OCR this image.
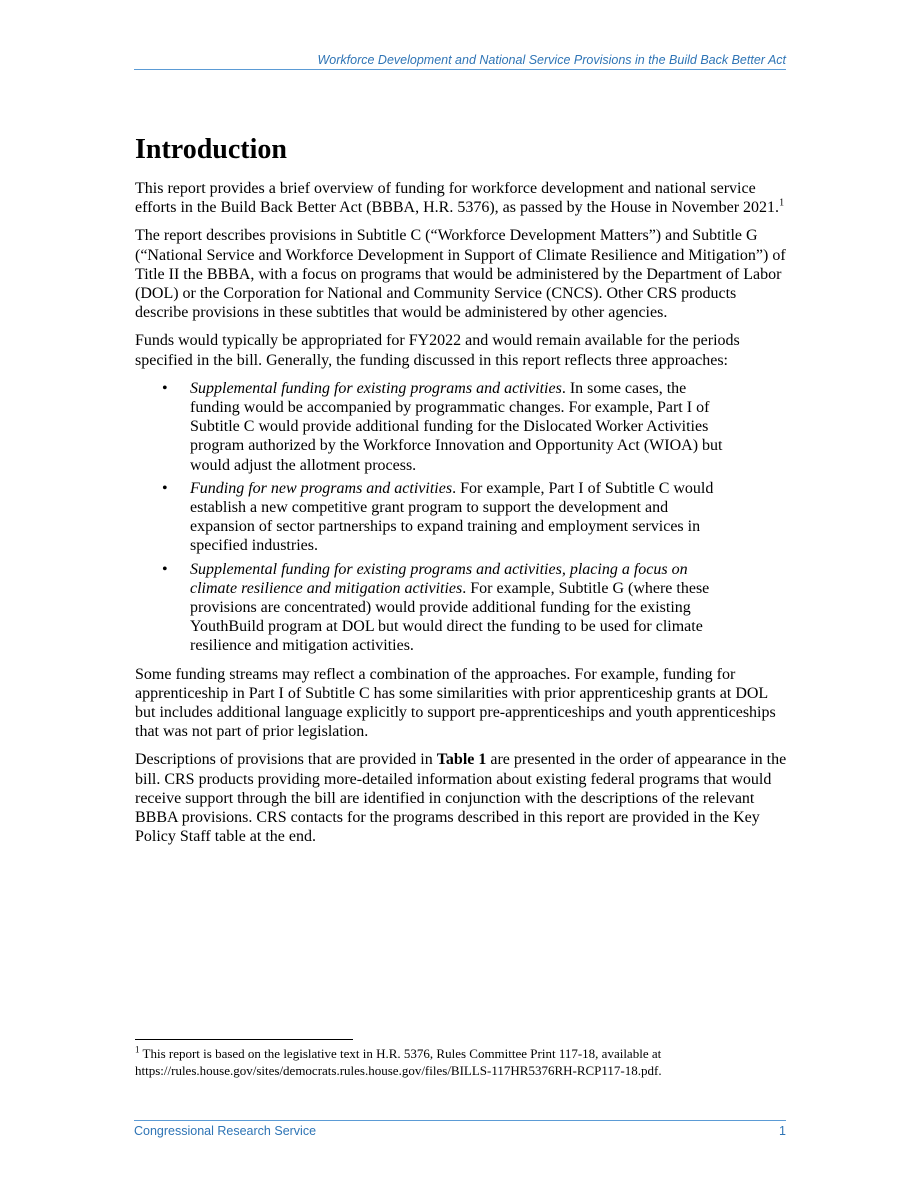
Workforce Development and National Service Provisions in the Build Back Better Act
Introduction

This report provides a brief overview of funding for workforce development and national service efforts in the Build Back Better Act (BBBA, H.R. 5376), as passed by the House in November 2021.$^1$

The report describes provisions in Subtitle C (“Workforce Development Matters”) and Subtitle G (“National Service and Workforce Development in Support of Climate Resilience and Mitigation”) of Title II the BBBA, with a focus on programs that would be administered by the Department of Labor (DOL) or the Corporation for National and Community Service (CNCS). Other CRS products describe provisions in these subtitles that would be administered by other agencies.

Funds would typically be appropriated for FY2022 and would remain available for the periods specified in the bill. Generally, the funding discussed in this report reflects three approaches:

• Supplemental funding for existing programs and activities. In some cases, the funding would be accompanied by programmatic changes. For example, Part I of Subtitle C would provide additional funding for the Dislocated Worker Activities program authorized by the Workforce Innovation and Opportunity Act (WIOA) but would adjust the allotment process.
• Funding for new programs and activities. For example, Part I of Subtitle C would establish a new competitive grant program to support the development and expansion of sector partnerships to expand training and employment services in specified industries.
• Supplemental funding for existing programs and activities, placing a focus on climate resilience and mitigation activities. For example, Subtitle G (where these provisions are concentrated) would provide additional funding for the existing YouthBuild program at DOL but would direct the funding to be used for climate resilience and mitigation activities.

Some funding streams may reflect a combination of the approaches. For example, funding for apprenticeship in Part I of Subtitle C has some similarities with prior apprenticeship grants at DOL but includes additional language explicitly to support pre-apprenticeships and youth apprenticeships that was not part of prior legislation.

Descriptions of provisions that are provided in Table 1 are presented in the order of appearance in the bill. CRS products providing more-detailed information about existing federal programs that would receive support through the bill are identified in conjunction with the descriptions of the relevant BBBA provisions. CRS contacts for the programs described in this report are provided in the Key Policy Staff table at the end.

$^1$ This report is based on the legislative text in H.R. 5376, Rules Committee Print 117-18, available at https://rules.house.gov/sites/democrats.rules.house.gov/files/BILLS-117HR5376RH-RCP117-18.pdf.
Congressional Research Service	1
